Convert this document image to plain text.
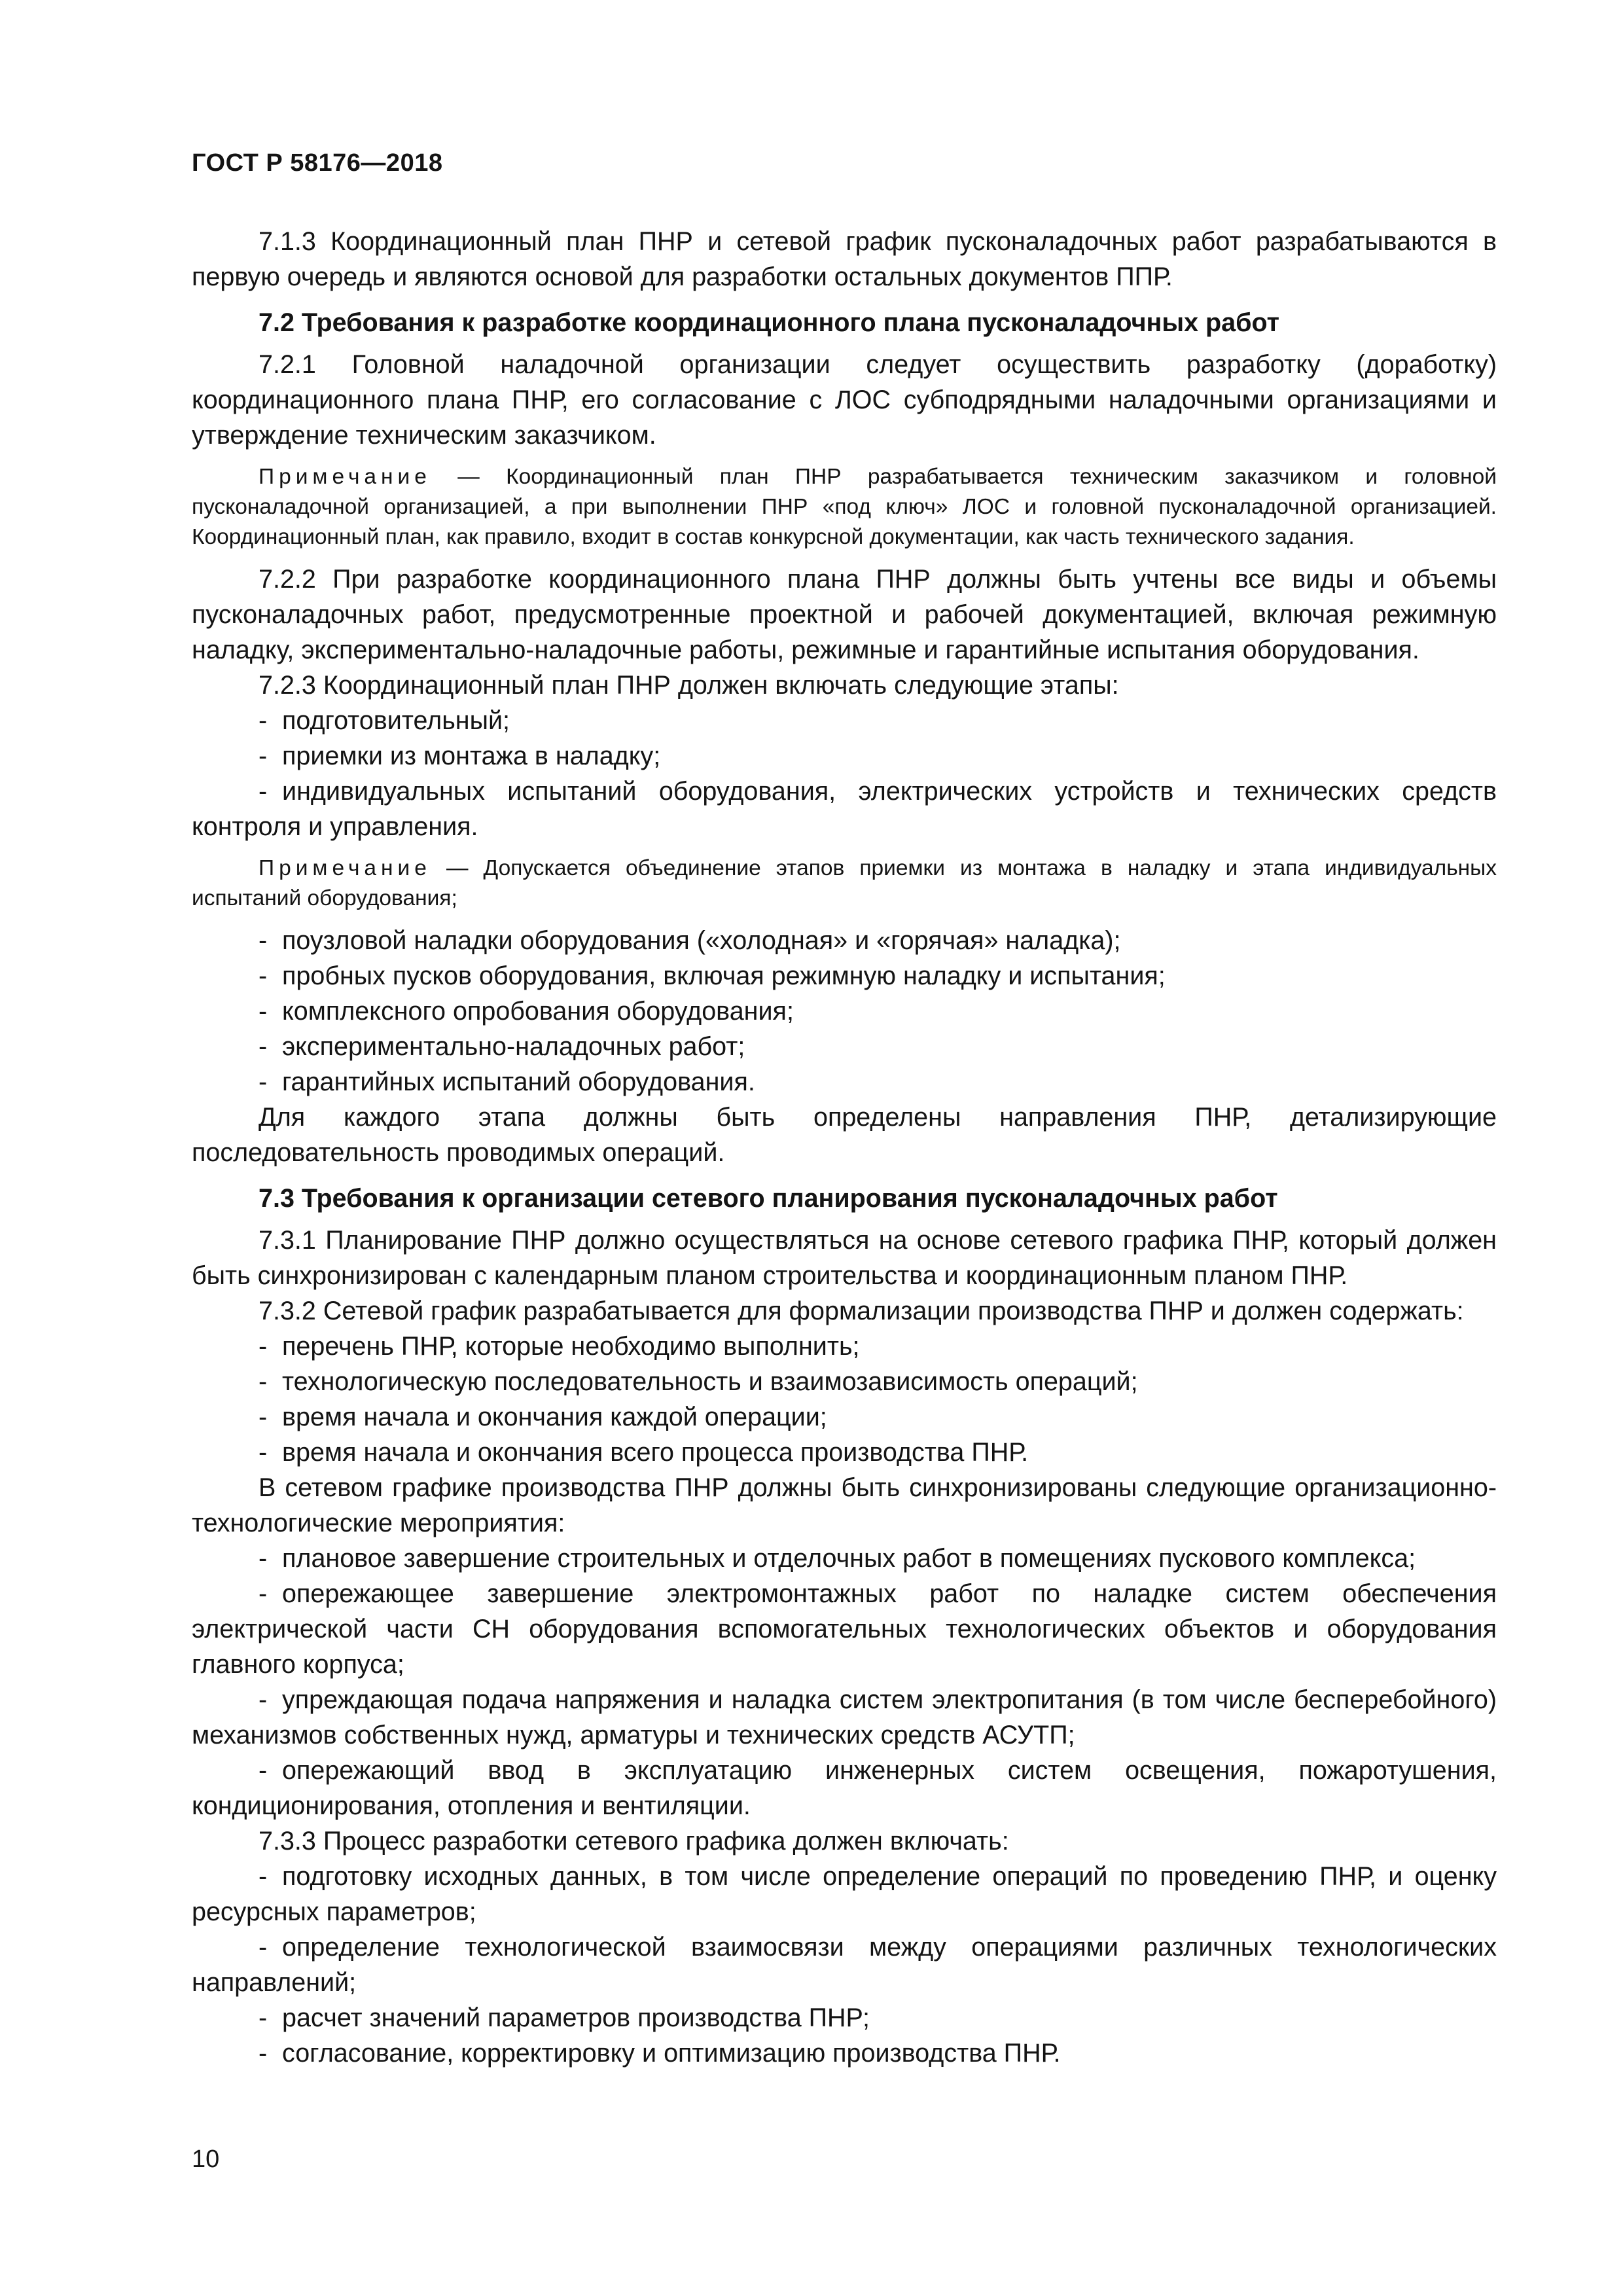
ГОСТ Р 58176—2018

7.1.3 Координационный план ПНР и сетевой график пусконаладочных работ разрабатываются в первую очередь и являются основой для разработки остальных документов ППР.

7.2 Требования к разработке координационного плана пусконаладочных работ

7.2.1 Головной наладочной организации следует осуществить разработку (доработку) координационного плана ПНР, его согласование с ЛОС субподрядными наладочными организациями и утверждение техническим заказчиком.

Примечание — Координационный план ПНР разрабатывается техническим заказчиком и головной пусконаладочной организацией, а при выполнении ПНР «под ключ» ЛОС и головной пусконаладочной организацией. Координационный план, как правило, входит в состав конкурсной документации, как часть технического задания.

7.2.2 При разработке координационного плана ПНР должны быть учтены все виды и объемы пусконаладочных работ, предусмотренные проектной и рабочей документацией, включая режимную наладку, экспериментально-наладочные работы, режимные и гарантийные испытания оборудования.

7.2.3 Координационный план ПНР должен включать следующие этапы:

- подготовительный;

- приемки из монтажа в наладку;

- индивидуальных испытаний оборудования, электрических устройств и технических средств контроля и управления.

Примечание — Допускается объединение этапов приемки из монтажа в наладку и этапа индивидуальных испытаний оборудования;

- поузловой наладки оборудования («холодная» и «горячая» наладка);

- пробных пусков оборудования, включая режимную наладку и испытания;

- комплексного опробования оборудования;

- экспериментально-наладочных работ;

- гарантийных испытаний оборудования.

Для каждого этапа должны быть определены направления ПНР, детализирующие последовательность проводимых операций.

7.3 Требования к организации сетевого планирования пусконаладочных работ

7.3.1 Планирование ПНР должно осуществляться на основе сетевого графика ПНР, который должен быть синхронизирован с календарным планом строительства и координационным планом ПНР.

7.3.2 Сетевой график разрабатывается для формализации производства ПНР и должен содержать:

- перечень ПНР, которые необходимо выполнить;

- технологическую последовательность и взаимозависимость операций;

- время начала и окончания каждой операции;

- время начала и окончания всего процесса производства ПНР.

В сетевом графике производства ПНР должны быть синхронизированы следующие организационно-технологические мероприятия:

- плановое завершение строительных и отделочных работ в помещениях пускового комплекса;

- опережающее завершение электромонтажных работ по наладке систем обеспечения электрической части СН оборудования вспомогательных технологических объектов и оборудования главного корпуса;

- упреждающая подача напряжения и наладка систем электропитания (в том числе бесперебойного) механизмов собственных нужд, арматуры и технических средств АСУТП;

- опережающий ввод в эксплуатацию инженерных систем освещения, пожаротушения, кондиционирования, отопления и вентиляции.

7.3.3 Процесс разработки сетевого графика должен включать:

- подготовку исходных данных, в том числе определение операций по проведению ПНР, и оценку ресурсных параметров;

- определение технологической взаимосвязи между операциями различных технологических направлений;

- расчет значений параметров производства ПНР;

- согласование, корректировку и оптимизацию производства ПНР.

10
